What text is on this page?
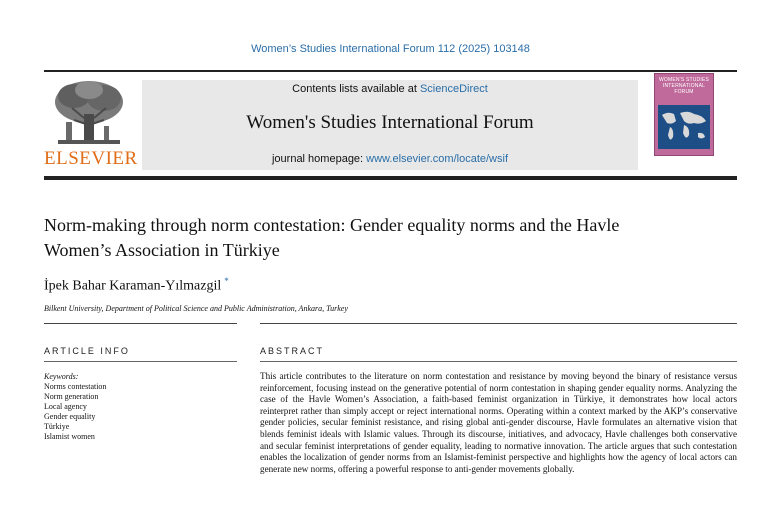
Women’s Studies International Forum 112 (2025) 103148
ELSEVIER
Contents lists available at ScienceDirect
Women's Studies International Forum
journal homepage: www.elsevier.com/locate/wsif
WOMEN'S STUDIES INTERNATIONAL FORUM
Norm-making through norm contestation: Gender equality norms and the Havle Women’s Association in Türkiye
İpek Bahar Karaman-Yılmazgil *
Bilkent University, Department of Political Science and Public Administration, Ankara, Turkey
ARTICLE INFO	ABSTRACT
Keywords:
Norms contestation
Norm generation
Local agency
Gender equality
Türkiye
Islamist women

This article contributes to the literature on norm contestation and resistance by moving beyond the binary of resistance versus reinforcement, focusing instead on the generative potential of norm contestation in shaping gender equality norms. Analyzing the case of the Havle Women’s Association, a faith-based feminist organization in Türkiye, it demonstrates how local actors reinterpret rather than simply accept or reject international norms. Operating within a context marked by the AKP’s conservative gender policies, secular feminist resistance, and rising global anti-gender discourse, Havle formulates an alternative vision that blends feminist ideals with Islamic values. Through its discourse, initiatives, and advocacy, Havle challenges both conservative and secular feminist interpretations of gender equality, leading to normative innovation. The article argues that such contestation enables the localization of gender norms from an Islamist-feminist perspective and highlights how the agency of local actors can generate new norms, offering a powerful response to anti-gender movements globally.
